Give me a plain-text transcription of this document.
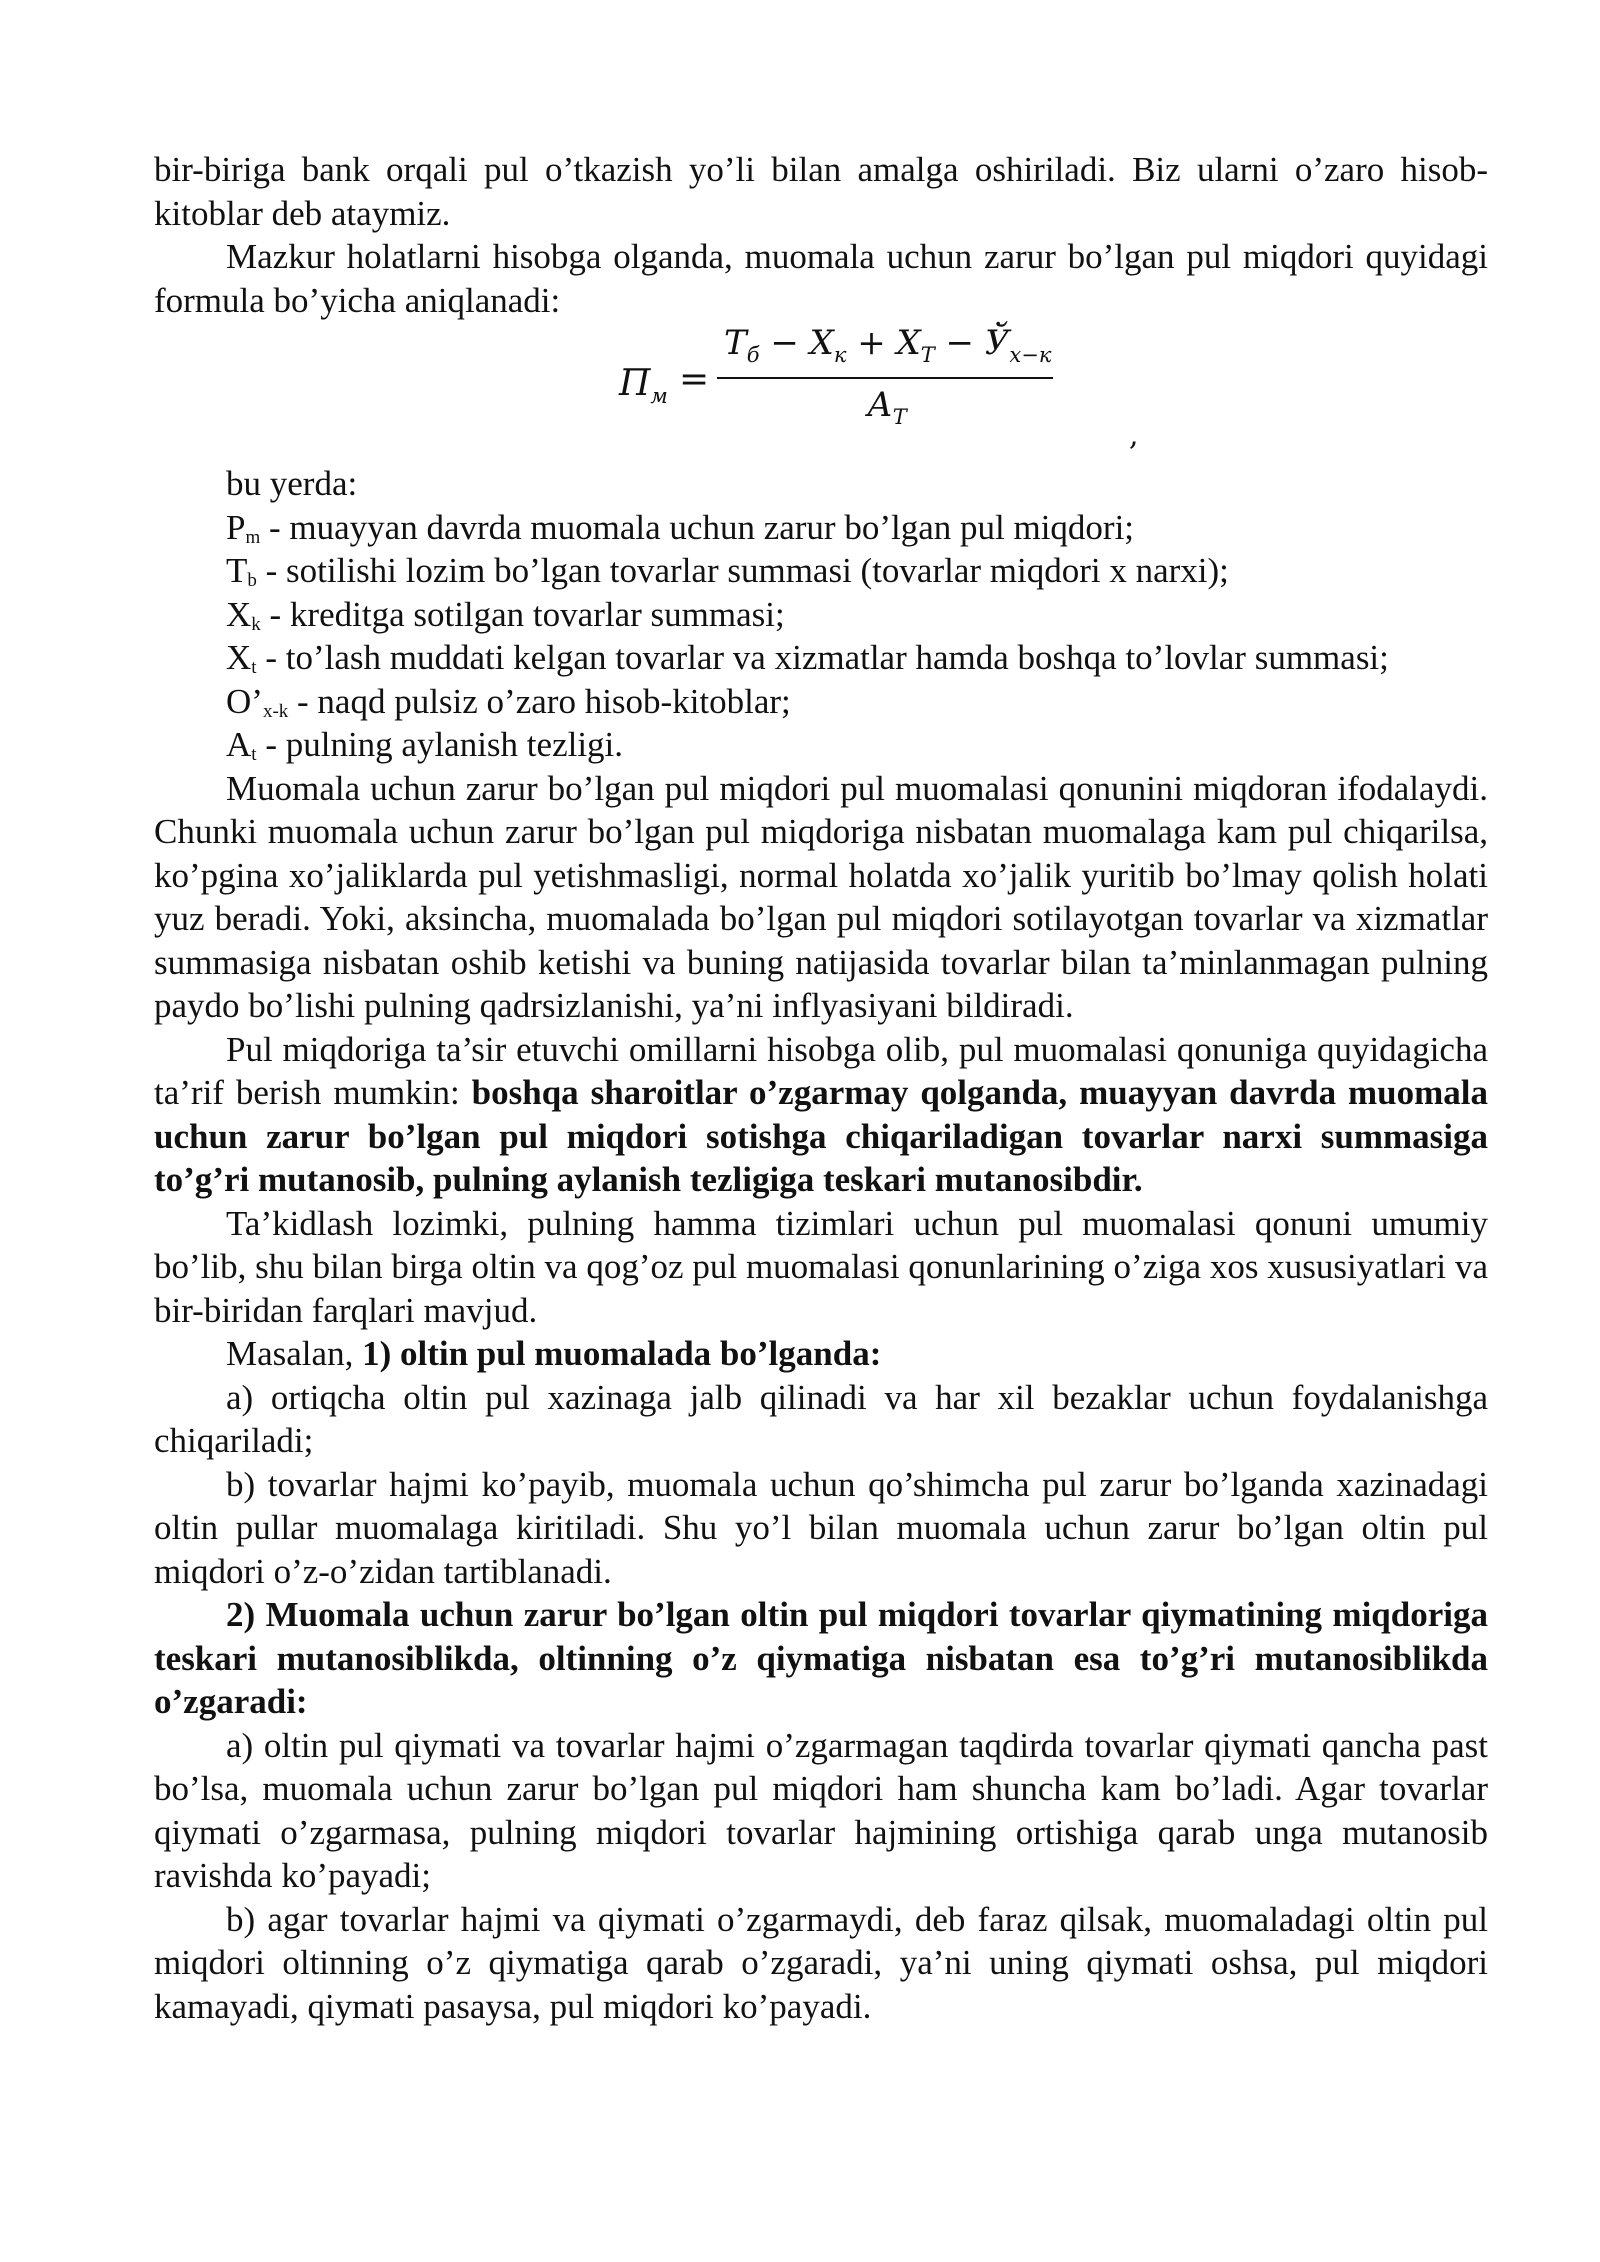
bir-biriga bank orqali pul o’tkazish yo’li bilan amalga oshiriladi. Biz ularni o’zaro hisob-kitoblar deb ataymiz.

Mazkur holatlarni hisobga olganda, muomala uchun zarur bo’lgan pul miqdori quyidagi formula bo’yicha aniqlanadi:

$П_м$ =
$Т_б - Х_к + Х_Т - Ў_{х-к}$
$А_Т$
,

bu yerda:

$P_m$ - muayyan davrda muomala uchun zarur bo’lgan pul miqdori;

$T_b$ - sotilishi lozim bo’lgan tovarlar summasi (tovarlar miqdori x narxi);

$X_k$ - kreditga sotilgan tovarlar summasi;

$X_t$ - to’lash muddati kelgan tovarlar va xizmatlar hamda boshqa to’lovlar summasi;

$O’_{x-k}$ - naqd pulsiz o’zaro hisob-kitoblar;

$A_t$ - pulning aylanish tezligi.

Muomala uchun zarur bo’lgan pul miqdori pul muomalasi qonunini miqdoran ifodalaydi. Chunki muomala uchun zarur bo’lgan pul miqdoriga nisbatan muomalaga kam pul chiqarilsa, ko’pgina xo’jaliklarda pul yetishmasligi, normal holatda xo’jalik yuritib bo’lmay qolish holati yuz beradi. Yoki, aksincha, muomalada bo’lgan pul miqdori sotilayotgan tovarlar va xizmatlar summasiga nisbatan oshib ketishi va buning natijasida tovarlar bilan ta’minlanmagan pulning paydo bo’lishi pulning qadrsizlanishi, ya’ni inflyasiyani bildiradi.

Pul miqdoriga ta’sir etuvchi omillarni hisobga olib, pul muomalasi qonuniga quyidagicha ta’rif berish mumkin: boshqa sharoitlar o’zgarmay qolganda, muayyan davrda muomala uchun zarur bo’lgan pul miqdori sotishga chiqariladigan tovarlar narxi summasiga to’g’ri mutanosib, pulning aylanish tezligiga teskari mutanosibdir.

Ta’kidlash lozimki, pulning hamma tizimlari uchun pul muomalasi qonuni umumiy bo’lib, shu bilan birga oltin va qog’oz pul muomalasi qonunlarining o’ziga xos xususiyatlari va bir-biridan farqlari mavjud.

Masalan, 1) oltin pul muomalada bo’lganda:

a) ortiqcha oltin pul xazinaga jalb qilinadi va har xil bezaklar uchun foydalanishga chiqariladi;

b) tovarlar hajmi ko’payib, muomala uchun qo’shimcha pul zarur bo’lganda xazinadagi oltin pullar muomalaga kiritiladi. Shu yo’l bilan muomala uchun zarur bo’lgan oltin pul miqdori o’z-o’zidan tartiblanadi.

2) Muomala uchun zarur bo’lgan oltin pul miqdori tovarlar qiymatining miqdoriga teskari mutanosiblikda, oltinning o’z qiymatiga nisbatan esa to’g’ri mutanosiblikda o’zgaradi:

a) oltin pul qiymati va tovarlar hajmi o’zgarmagan taqdirda tovarlar qiymati qancha past bo’lsa, muomala uchun zarur bo’lgan pul miqdori ham shuncha kam bo’ladi. Agar tovarlar qiymati o’zgarmasa, pulning miqdori tovarlar hajmining ortishiga qarab unga mutanosib ravishda ko’payadi;

b) agar tovarlar hajmi va qiymati o’zgarmaydi, deb faraz qilsak, muomaladagi oltin pul miqdori oltinning o’z qiymatiga qarab o’zgaradi, ya’ni uning qiymati oshsa, pul miqdori kamayadi, qiymati pasaysa, pul miqdori ko’payadi.
